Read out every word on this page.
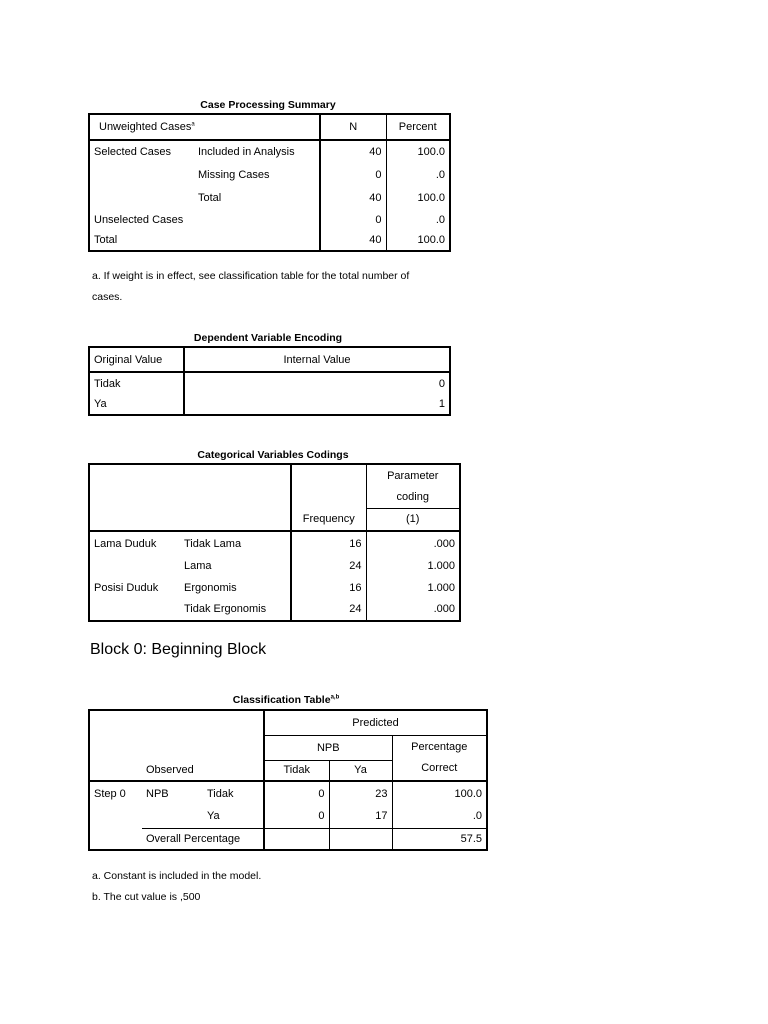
Case Processing Summary
Unweighted Cases$^a$		N	Percent
Selected Cases	Included in Analysis	40	100.0
	Missing Cases	0	.0
	Total	40	100.0
Unselected Cases		0	.0
Total		40	100.0
a. If weight is in effect, see classification table for the total number of
cases.
Dependent Variable Encoding
Original Value	Internal Value
Tidak	0
Ya	1
Categorical Variables Codings
			Parameter
			coding
		Frequency	(1)
Lama Duduk	Tidak Lama	16	.000
	Lama	24	1.000
Posisi Duduk	Ergonomis	16	1.000
	Tidak Ergonomis	24	.000
Block 0: Beginning Block
Classification Table$^{a,b}$
Observed			Predicted		
			NPB		Percentage
Correct

			Tidak	Ya	
Step 0	NPB	Tidak	0	23	100.0
		Ya	0	17	.0
	Overall Percentage				57.5
a. Constant is included in the model.
b. The cut value is ,500
